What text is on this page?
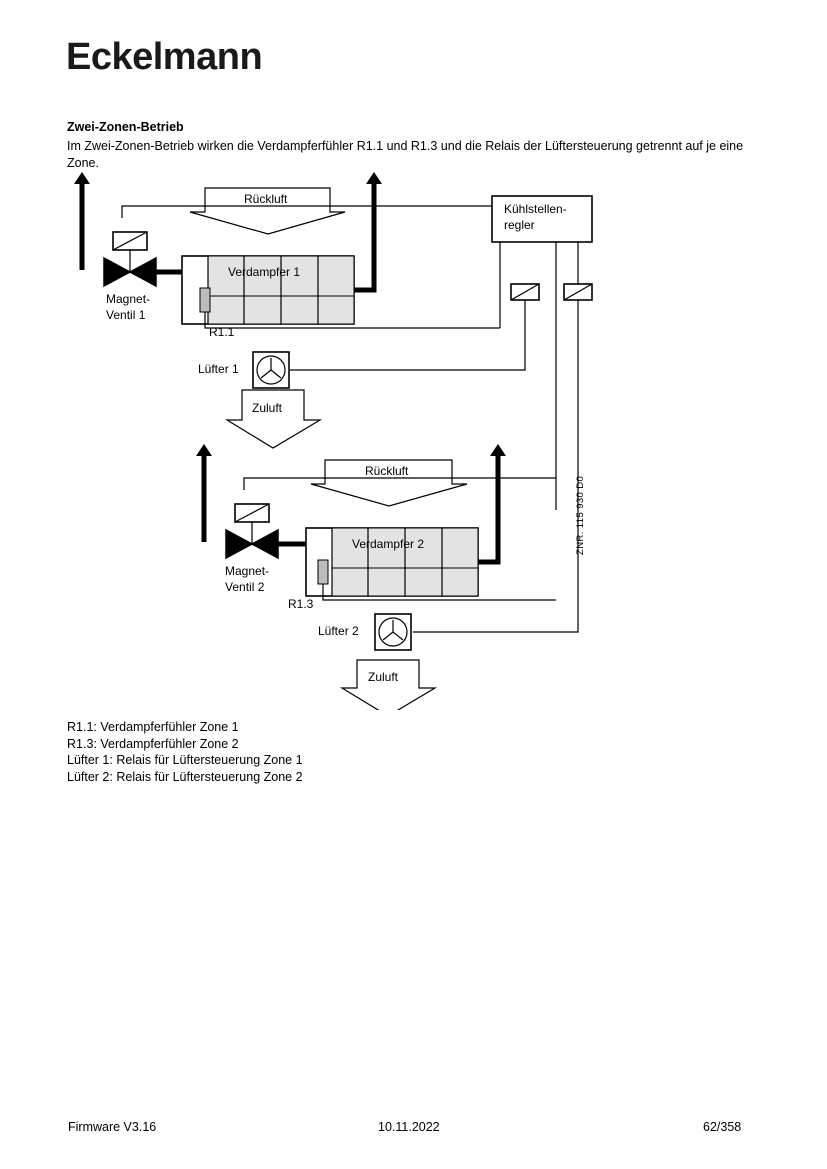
Eckelmann
Zwei-Zonen-Betrieb
Im Zwei-Zonen-Betrieb wirken die Verdampferfühler R1.1 und R1.3 und die Relais der Lüftersteuerung getrennt auf je eine Zone.
Rückluft
Kühlstellen-
regler
Verdampfer 1
R1.1
Magnet-
Ventil 1
Lüfter 1
Zuluft
Rückluft
Verdampfer 2
R1.3
Magnet-
Ventil 2
Lüfter 2
Zuluft
ZNR. 115 930 D0
R1.1: Verdampferfühler Zone 1
R1.3: Verdampferfühler Zone 2
Lüfter 1: Relais für Lüftersteuerung Zone 1
Lüfter 2: Relais für Lüftersteuerung Zone 2
Firmware V3.16	10.11.2022	62/358
